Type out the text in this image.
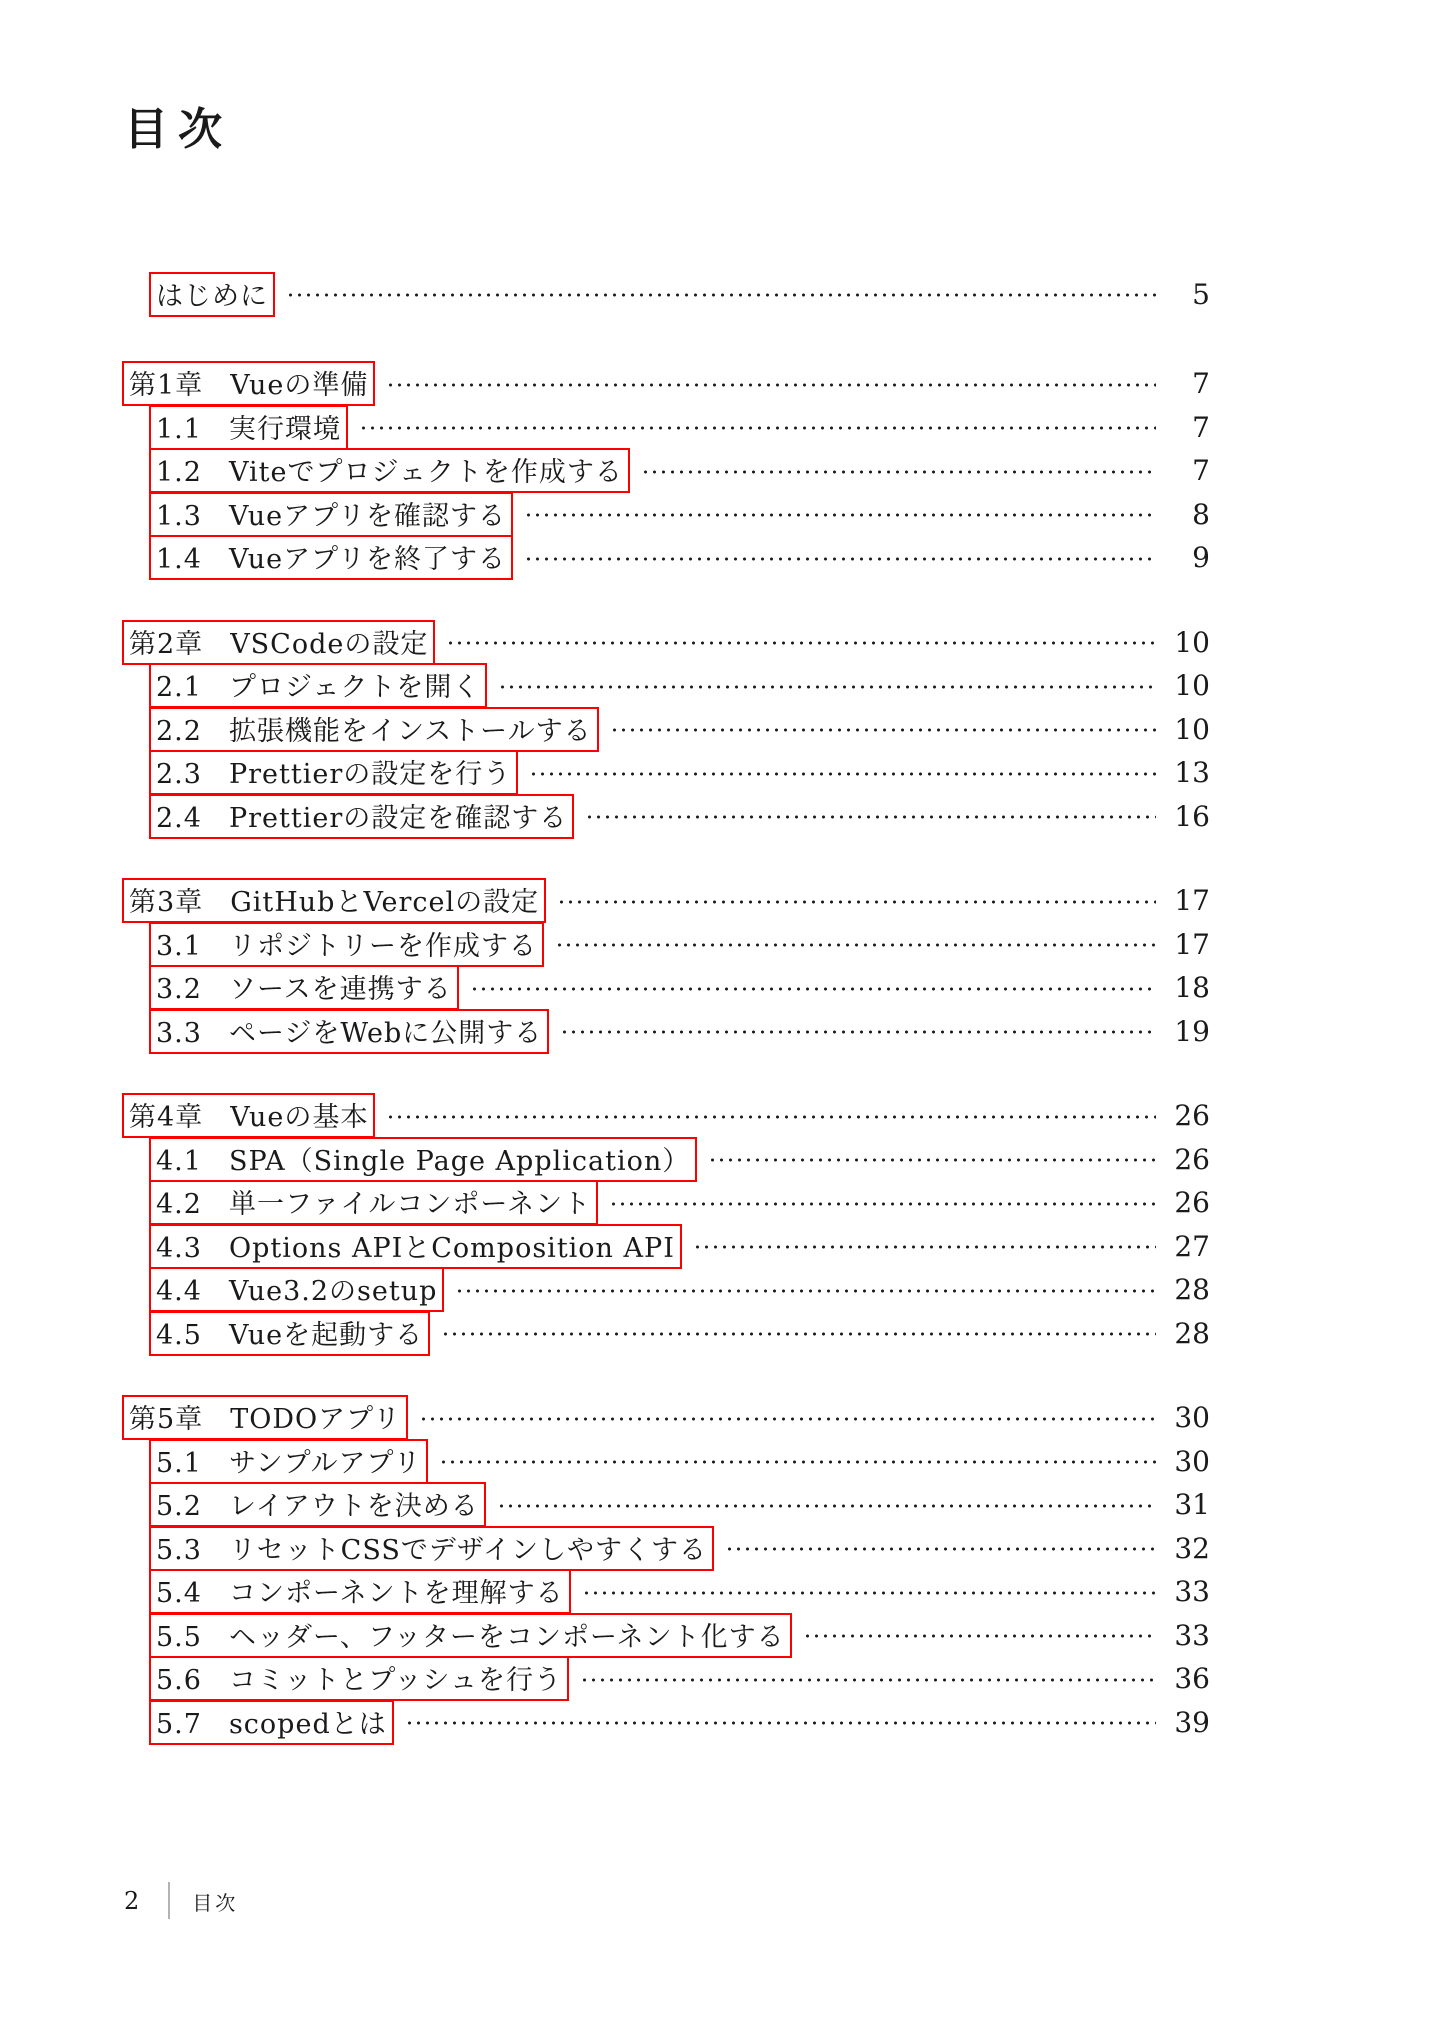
目次
はじめに	5
第1章 Vueの準備	7
1.1 実行環境	7
1.2 Viteでプロジェクトを作成する	7
1.3 Vueアプリを確認する	8
1.4 Vueアプリを終了する	9
第2章 VSCodeの設定	10
2.1 プロジェクトを開く	10
2.2 拡張機能をインストールする	10
2.3 Prettierの設定を行う	13
2.4 Prettierの設定を確認する	16
第3章 GitHubとVercelの設定	17
3.1 リポジトリーを作成する	17
3.2 ソースを連携する	18
3.3 ページをWebに公開する	19
第4章 Vueの基本	26
4.1 SPA（Single Page Application）	26
4.2 単一ファイルコンポーネント	26
4.3 Options APIとComposition API	27
4.4 Vue3.2のsetup	28
4.5 Vueを起動する	28
第5章 TODOアプリ	30
5.1 サンプルアプリ	30
5.2 レイアウトを決める	31
5.3 リセットCSSでデザインしやすくする	32
5.4 コンポーネントを理解する	33
5.5 ヘッダー、フッターをコンポーネント化する	33
5.6 コミットとプッシュを行う	36
5.7 scopedとは	39
2	目次
